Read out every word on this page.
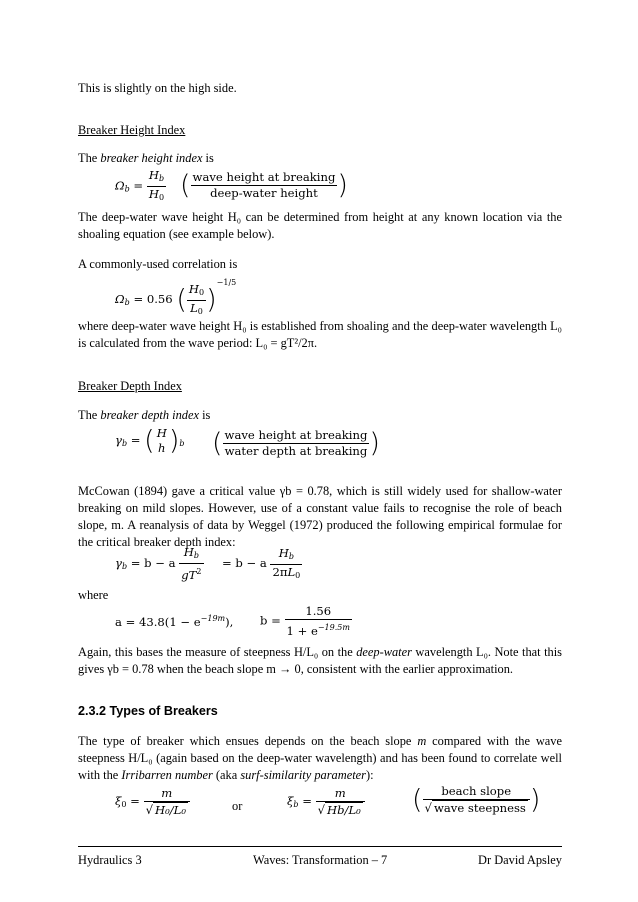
This is slightly on the high side.

Breaker Height Index

The breaker height index is

$\Omega_b = \frac{H_b}{H_0}$ ( $\frac{\text{wave height at breaking}}{\text{deep-water height}}$ )

The deep-water wave height H₀ can be determined from height at any known location via the shoaling equation (see example below).

A commonly-used correlation is

$\Omega_b = 0.56$ ( $\frac{H_0}{L_0} )^{-1/5}$

where deep-water wave height H₀ is established from shoaling and the deep-water wavelength L₀ is calculated from the wave period: L₀ = gT²/2π.

Breaker Depth Index

The breaker depth index is

$\gamma_b$ = ( H
h )$_b$ ( $\frac{\text{wave height at breaking}}{\text{water depth at breaking}}$ )

McCowan (1894) gave a critical value γb = 0.78, which is still widely used for shallow-water breaking on mild slopes. However, use of a constant value fails to recognise the role of beach slope, m. A reanalysis of data by Weggel (1972) produced the following empirical formulae for the critical breaker depth index:

$\gamma_b = b - a \frac{H_b}{gT^2} = b - a \frac{H_b}{2\pi L_0}$

where

$a = 43.8(1 - e^{-19m})$, $b = \frac{1.56}{1 + e^{-19.5m}}$

Again, this bases the measure of steepness H/L₀ on the deep-water wavelength L₀. Note that this gives γb = 0.78 when the beach slope m → 0, consistent with the earlier approximation.

2.3.2 Types of Breakers

The type of breaker which ensues depends on the beach slope m compared with the wave steepness H/L₀ (again based on the deep-water wavelength) and has been found to correlate well with the Irribarren number (aka surf-similarity parameter):

$\xi_0 = \frac{m}{\text{√ H₀/L₀}}$	or	$\xi_b = \frac{m}{\text{√ Hb/L₀}}$ ( $\frac{\text{beach slope}}{\text{√ wave steepness}}$ )
Hydraulics 3	Waves: Transformation – 7	Dr David Apsley
